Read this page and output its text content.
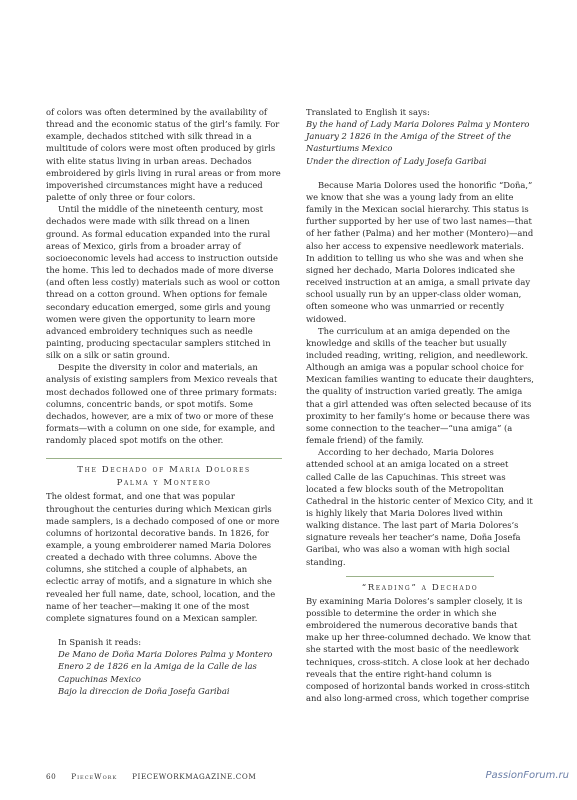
of colors was often determined by the availability of thread and the economic status of the girl’s family. For example, dechados stitched with silk thread in a multitude of colors were most often produced by girls with elite status living in urban areas. Dechados embroidered by girls living in rural areas or from more impoverished circumstances might have a reduced palette of only three or four colors.

Until the middle of the nineteenth century, most dechados were made with silk thread on a linen ground. As formal education expanded into the rural areas of Mexico, girls from a broader array of socioeconomic levels had access to instruction outside the home. This led to dechados made of more diverse (and often less costly) materials such as wool or cotton thread on a cotton ground. When options for female secondary education emerged, some girls and young women were given the opportunity to learn more advanced embroidery techniques such as needle painting, producing spectacular samplers stitched in silk on a silk or satin ground.

Despite the diversity in color and materials, an analysis of existing samplers from Mexico reveals that most dechados followed one of three primary formats: columns, concentric bands, or spot motifs. Some dechados, however, are a mix of two or more of these formats—with a column on one side, for example, and randomly placed spot motifs on the other.

The Dechado of Maria Dolores
Palma y Montero

The oldest format, and one that was popular throughout the centuries during which Mexican girls made samplers, is a dechado composed of one or more columns of horizontal decorative bands. In 1826, for example, a young embroiderer named Maria Dolores created a dechado with three columns. Above the columns, she stitched a couple of alphabets, an eclectic array of motifs, and a signature in which she revealed her full name, date, school, location, and the name of her teacher—making it one of the most complete signatures found on a Mexican sampler.

In Spanish it reads:

De Mano de Doña Maria Dolores Palma y Montero

Enero 2 de 1826 en la Amiga de la Calle de las Capuchinas Mexico

Bajo la direccion de Doña Josefa Garibai

Translated to English it says:

By the hand of Lady Maria Dolores Palma y Montero

January 2 1826 in the Amiga of the Street of the Nasturtiums Mexico

Under the direction of Lady Josefa Garibai

Because Maria Dolores used the honorific “Doña,” we know that she was a young lady from an elite family in the Mexican social hierarchy. This status is further supported by her use of two last names—that of her father (Palma) and her mother (Montero)—and also her access to expensive needlework materials. In addition to telling us who she was and when she signed her dechado, Maria Dolores indicated she received instruction at an amiga, a small private day school usually run by an upper-class older woman, often someone who was unmarried or recently widowed.

The curriculum at an amiga depended on the knowledge and skills of the teacher but usually included reading, writing, religion, and needlework. Although an amiga was a popular school choice for Mexican families wanting to educate their daughters, the quality of instruction varied greatly. The amiga that a girl attended was often selected because of its proximity to her family’s home or because there was some connection to the teacher—“una amiga” (a female friend) of the family.

According to her dechado, Maria Dolores attended school at an amiga located on a street called Calle de las Capuchinas. This street was located a few blocks south of the Metropolitan Cathedral in the historic center of Mexico City, and it is highly likely that Maria Dolores lived within walking distance. The last part of Maria Dolores’s signature reveals her teacher’s name, Doña Josefa Garibai, who was also a woman with high social standing.

“Reading” a Dechado

By examining Maria Dolores’s sampler closely, it is possible to determine the order in which she embroidered the numerous decorative bands that make up her three-columned dechado. We know that she started with the most basic of the needlework techniques, cross-stitch. A close look at her dechado reveals that the entire right-hand column is composed of horizontal bands worked in cross-stitch and also long-armed cross, which together comprise

60 PieceWork PIECEWORKMAGAZINE.COM	PassionForum.ru
